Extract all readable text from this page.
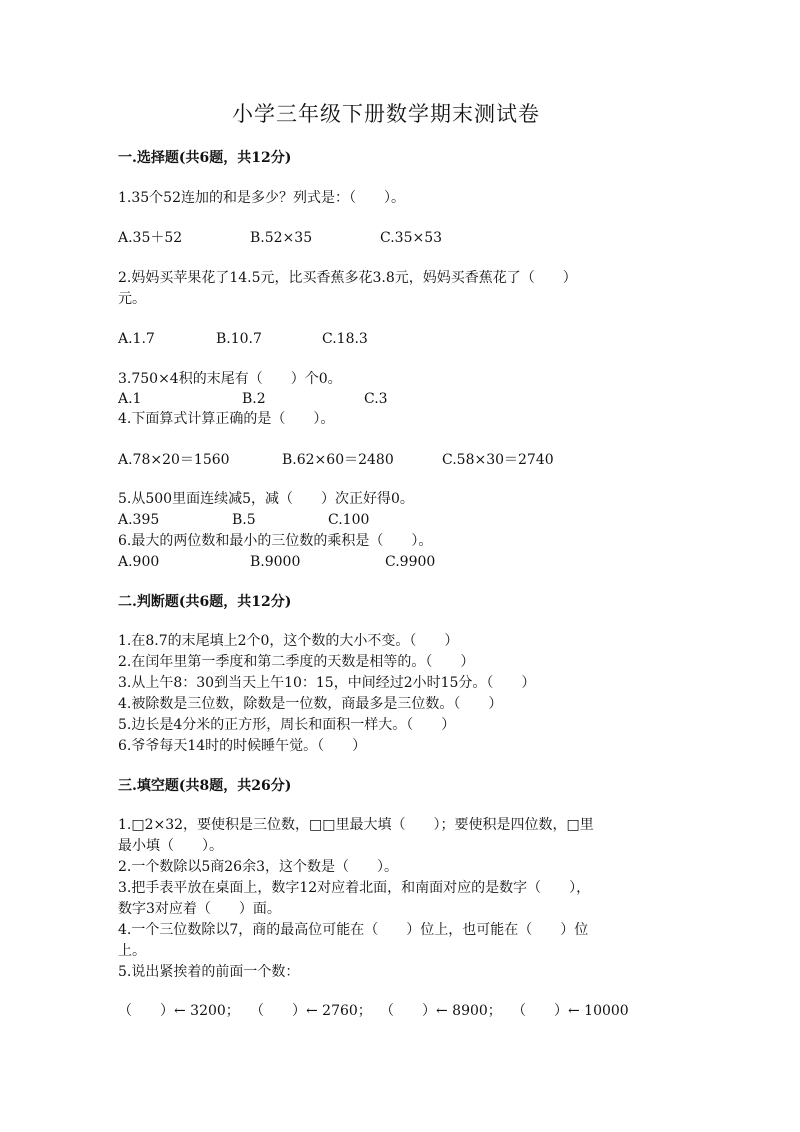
小学三年级下册数学期末测试卷
一.选择题(共6题，共12分)
1.35个52连加的和是多少？列式是：（　　）。
A.35＋52	B.52×35	C.35×53
2.妈妈买苹果花了14.5元，比买香蕉多花3.8元，妈妈买香蕉花了（　　）
元。
A.1.7	B.10.7	C.18.3
3.750×4积的末尾有（　　）个0。
A.1	B.2	C.3
4.下面算式计算正确的是（　　）。
A.78×20＝1560	B.62×60＝2480	C.58×30＝2740
5.从500里面连续减5，减（　　）次正好得0。
A.395	B.5	C.100
6.最大的两位数和最小的三位数的乘积是（　　）。
A.900	B.9000	C.9900
二.判断题(共6题，共12分)
1.在8.7的末尾填上2个0，这个数的大小不变。（　　）
2.在闰年里第一季度和第二季度的天数是相等的。（　　）
3.从上午8：30到当天上午10：15，中间经过2小时15分。（　　）
4.被除数是三位数，除数是一位数，商最多是三位数。（　　）
5.边长是4分米的正方形，周长和面积一样大。（　　）
6.爷爷每天14时的时候睡午觉。（　　）
三.填空题(共8题，共26分)
1.□2×32，要使积是三位数，□□里最大填（　　）；要使积是四位数，□里
最小填（　　）。
2.一个数除以5商26余3，这个数是（　　）。
3.把手表平放在桌面上，数字12对应着北面，和南面对应的是数字（　　），
数字3对应着（　　）面。
4.一个三位数除以7，商的最高位可能在（　　）位上，也可能在（　　）位
上。
5.说出紧挨着的前面一个数：
（　　）← 3200； （　　）← 2760； （　　）← 8900； （　　）← 10000
